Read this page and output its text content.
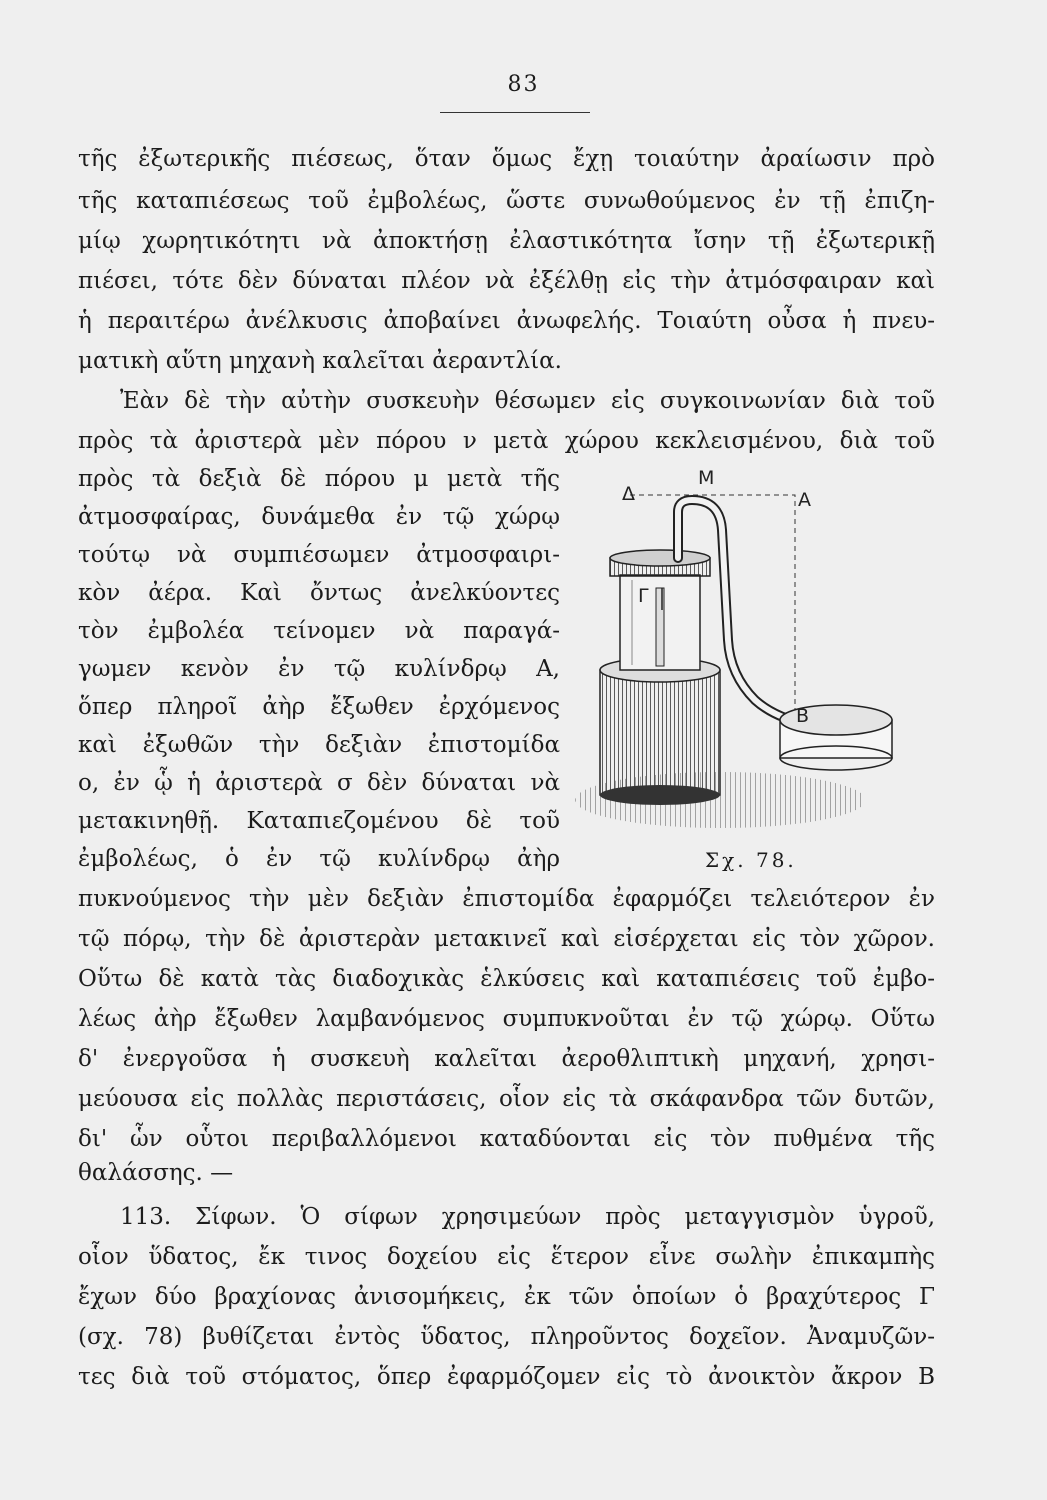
83
τῆς ἐξωτερικῆς πιέσεως, ὅταν ὅμως ἔχῃ τοιαύτην ἀραίωσιν πρὸ
τῆς καταπιέσεως τοῦ ἐμβολέως, ὥστε συνωθούμενος ἐν τῇ ἐπιζη-
μίῳ χωρητικότητι νὰ ἀποκτήσῃ ἐλαστικότητα ἴσην τῇ ἐξωτερικῇ
πιέσει, τότε δὲν δύναται πλέον νὰ ἐξέλθῃ εἰς τὴν ἀτμόσφαιραν καὶ
ἡ περαιτέρω ἀνέλκυσις ἀποβαίνει ἀνωφελής. Τοιαύτη οὖσα ἡ πνευ-
ματικὴ αὕτη μηχανὴ καλεῖται ἀεραντλία.
Ἐὰν δὲ τὴν αὐτὴν συσκευὴν θέσωμεν εἰς συγκοινωνίαν διὰ τοῦ
πρὸς τὰ ἀριστερὰ μὲν πόρου ν μετὰ χώρου κεκλεισμένου, διὰ τοῦ
πρὸς τὰ δεξιὰ δὲ πόρου μ μετὰ τῆς
ἀτμοσφαίρας, δυνάμεθα ἐν τῷ χώρῳ
τούτῳ νὰ συμπιέσωμεν ἀτμοσφαιρι-
κὸν ἀέρα. Καὶ ὄντως ἀνελκύοντες
τὸν ἐμβολέα τείνομεν νὰ παραγά-
γωμεν κενὸν ἐν τῷ κυλίνδρῳ Α,
ὅπερ πληροῖ ἀὴρ ἔξωθεν ἐρχόμενος
καὶ ἐξωθῶν τὴν δεξιὰν ἐπιστομίδα
ο, ἐν ᾧ ἡ ἀριστερὰ σ δὲν δύναται νὰ
μετακινηθῇ. Καταπιεζομένου δὲ τοῦ
ἐμβολέως, ὁ ἐν τῷ κυλίνδρῳ ἀὴρ
πυκνούμενος τὴν μὲν δεξιὰν ἐπιστομίδα ἐφαρμόζει τελειότερον ἐν
τῷ πόρῳ, τὴν δὲ ἀριστερὰν μετακινεῖ καὶ εἰσέρχεται εἰς τὸν χῶρον.
Οὕτω δὲ κατὰ τὰς διαδοχικὰς ἑλκύσεις καὶ καταπιέσεις τοῦ ἐμβο-
λέως ἀὴρ ἔξωθεν λαμβανόμενος συμπυκνοῦται ἐν τῷ χώρῳ. Οὕτω
δ' ἐνεργοῦσα ἡ συσκευὴ καλεῖται ἀεροθλιπτικὴ μηχανή, χρησι-
μεύουσα εἰς πολλὰς περιστάσεις, οἷον εἰς τὰ σκάφανδρα τῶν δυτῶν,
δι' ὧν οὗτοι περιβαλλόμενοι καταδύονται εἰς τὸν πυθμένα τῆς
θαλάσσης. —
113. Σίφων. Ὁ σίφων χρησιμεύων πρὸς μεταγγισμὸν ὑγροῦ,
οἷον ὕδατος, ἔκ τινος δοχείου εἰς ἕτερον εἶνε σωλὴν ἐπικαμπὴς
ἔχων δύο βραχίονας ἀνισομήκεις, ἐκ τῶν ὁποίων ὁ βραχύτερος Γ
(σχ. 78) βυθίζεται ἐντὸς ὕδατος, πληροῦντος δοχεῖον. Ἀναμυζῶν-
τες διὰ τοῦ στόματος, ὅπερ ἐφαρμόζομεν εἰς τὸ ἀνοικτὸν ἄκρον Β
Δ
M
A
Γ
B
Σχ. 78.
